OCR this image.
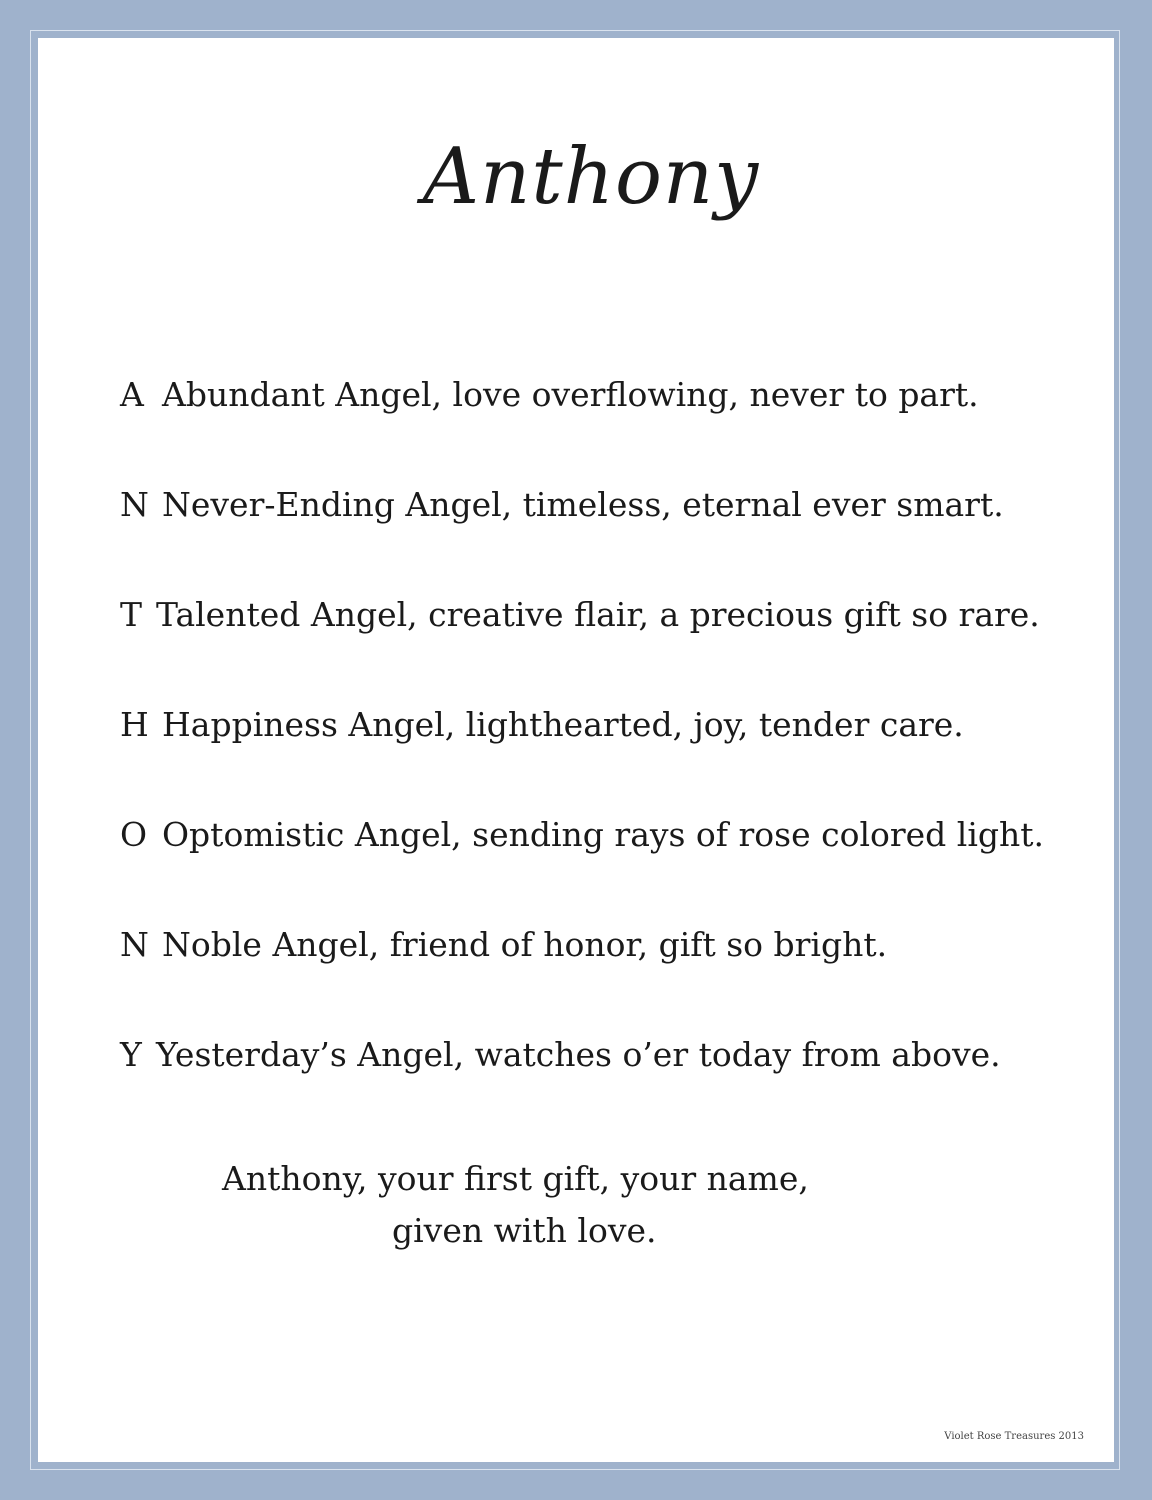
Anthony
A Abundant Angel, love overflowing, never to part.
N Never-Ending Angel, timeless, eternal ever smart.
T Talented Angel, creative flair, a precious gift so rare.
H Happiness Angel, lighthearted, joy, tender care.
O Optomistic Angel, sending rays of rose colored light.
N Noble Angel, friend of honor, gift so bright.
Y Yesterday’s Angel, watches o’er today from above.
Anthony, your first gift, your name,
given with love.
Violet Rose Treasures 2013
